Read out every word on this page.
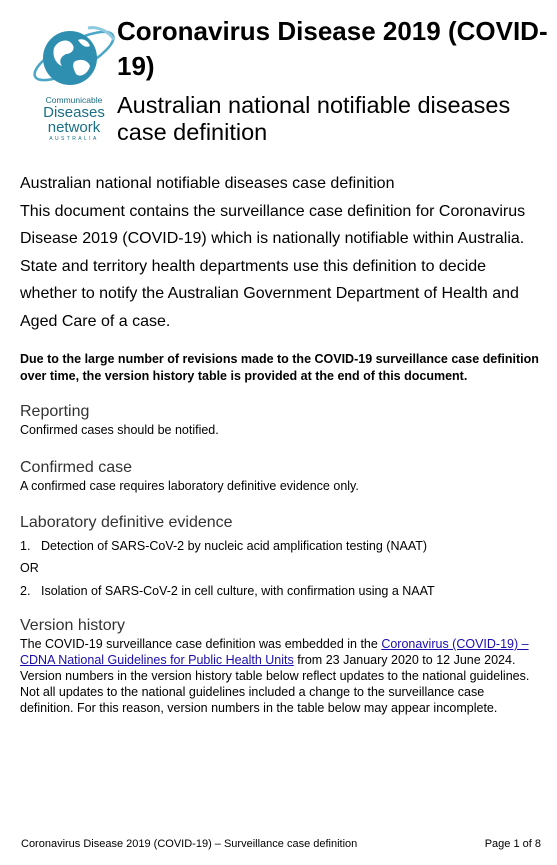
Communicable
Diseases
network
AUSTRALIA
Coronavirus Disease 2019 (COVID-19)
Australian national notifiable diseases case definition

Australian national notifiable diseases case definition

This document contains the surveillance case definition for Coronavirus Disease 2019 (COVID-19) which is nationally notifiable within Australia. State and territory health departments use this definition to decide whether to notify the Australian Government Department of Health and Aged Care of a case.

Due to the large number of revisions made to the COVID-19 surveillance case definition over time, the version history table is provided at the end of this document.
Reporting
Confirmed cases should be notified.
Confirmed case
A confirmed case requires laboratory definitive evidence only.
Laboratory definitive evidence
1. Detection of SARS-CoV-2 by nucleic acid amplification testing (NAAT)
OR
2. Isolation of SARS-CoV-2 in cell culture, with confirmation using a NAAT
Version history
The COVID-19 surveillance case definition was embedded in the Coronavirus (COVID-19) – CDNA National Guidelines for Public Health Units from 23 January 2020 to 12 June 2024. Version numbers in the version history table below reflect updates to the national guidelines. Not all updates to the national guidelines included a change to the surveillance case definition. For this reason, version numbers in the table below may appear incomplete.
Coronavirus Disease 2019 (COVID-19) – Surveillance case definition	Page 1 of 8
